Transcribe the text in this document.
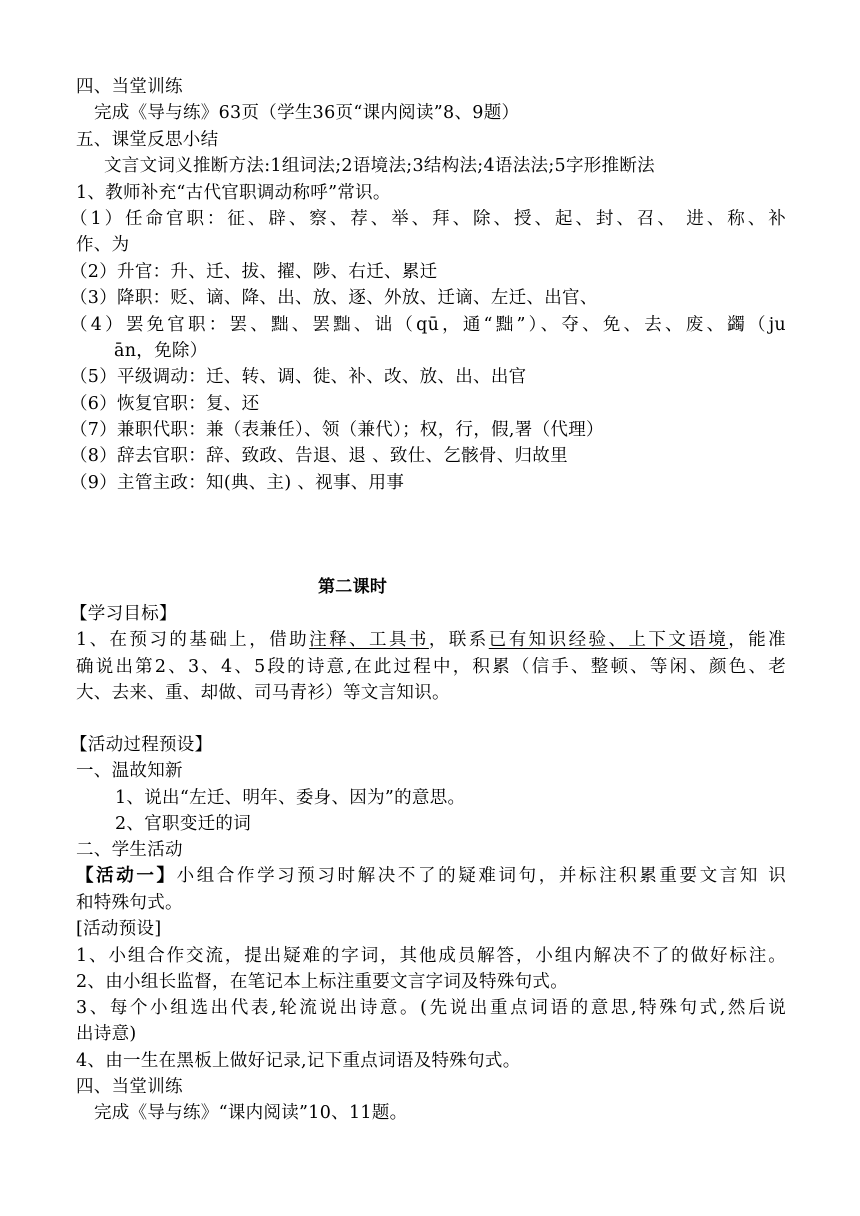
四、当堂训练
完成《导与练》63页（学生36页“课内阅读”8、9题）
五、课堂反思小结
文言文词义推断方法:1组词法;2语境法;3结构法;4语法法;5字形推断法
1、教师补充“古代官职调动称呼”常识。
（1）任命官职：征、辟、察、荐、举、拜、除、授、起、封、召、 进、称、补
作、为
（2）升官：升、迁、拔、擢、陟、右迁、累迁
（3）降职：贬、谪、降、出、放、逐、外放、迁谪、左迁、出官、
（4）罢免官职：罢、黜、罢黜、诎（qū，通“黜”）、夺、免、去、废、蠲（ju
ān，免除）
（5）平级调动：迁、转、调、徙、补、改、放、出、出官
（6）恢复官职：复、还
（7）兼职代职：兼（表兼任）、领（兼代）；权，行，假,署（代理）
（8）辞去官职：辞、致政、告退、退 、致仕、乞骸骨、归故里
（9）主管主政：知(典、主) 、视事、用事
第二课时
【学习目标】
1、在预习的基础上，借助注释、工具书，联系已有知识经验、上下文语境，能准
确说出第2、3、4、5段的诗意,在此过程中，积累（信手、整顿、等闲、颜色、老
大、去来、重、却做、司马青衫）等文言知识。
【活动过程预设】
一、温故知新
1、说出“左迁、明年、委身、因为”的意思。
2、官职变迁的词
二、学生活动
【活动一】小组合作学习预习时解决不了的疑难词句，并标注积累重要文言知 识
和特殊句式。
[活动预设]
1、小组合作交流，提出疑难的字词，其他成员解答，小组内解决不了的做好标注。
2、由小组长监督，在笔记本上标注重要文言字词及特殊句式。
3、每个小组选出代表,轮流说出诗意。(先说出重点词语的意思,特殊句式,然后说
出诗意)
4、由一生在黑板上做好记录,记下重点词语及特殊句式。
四、当堂训练
完成《导与练》“课内阅读”10、11题。
